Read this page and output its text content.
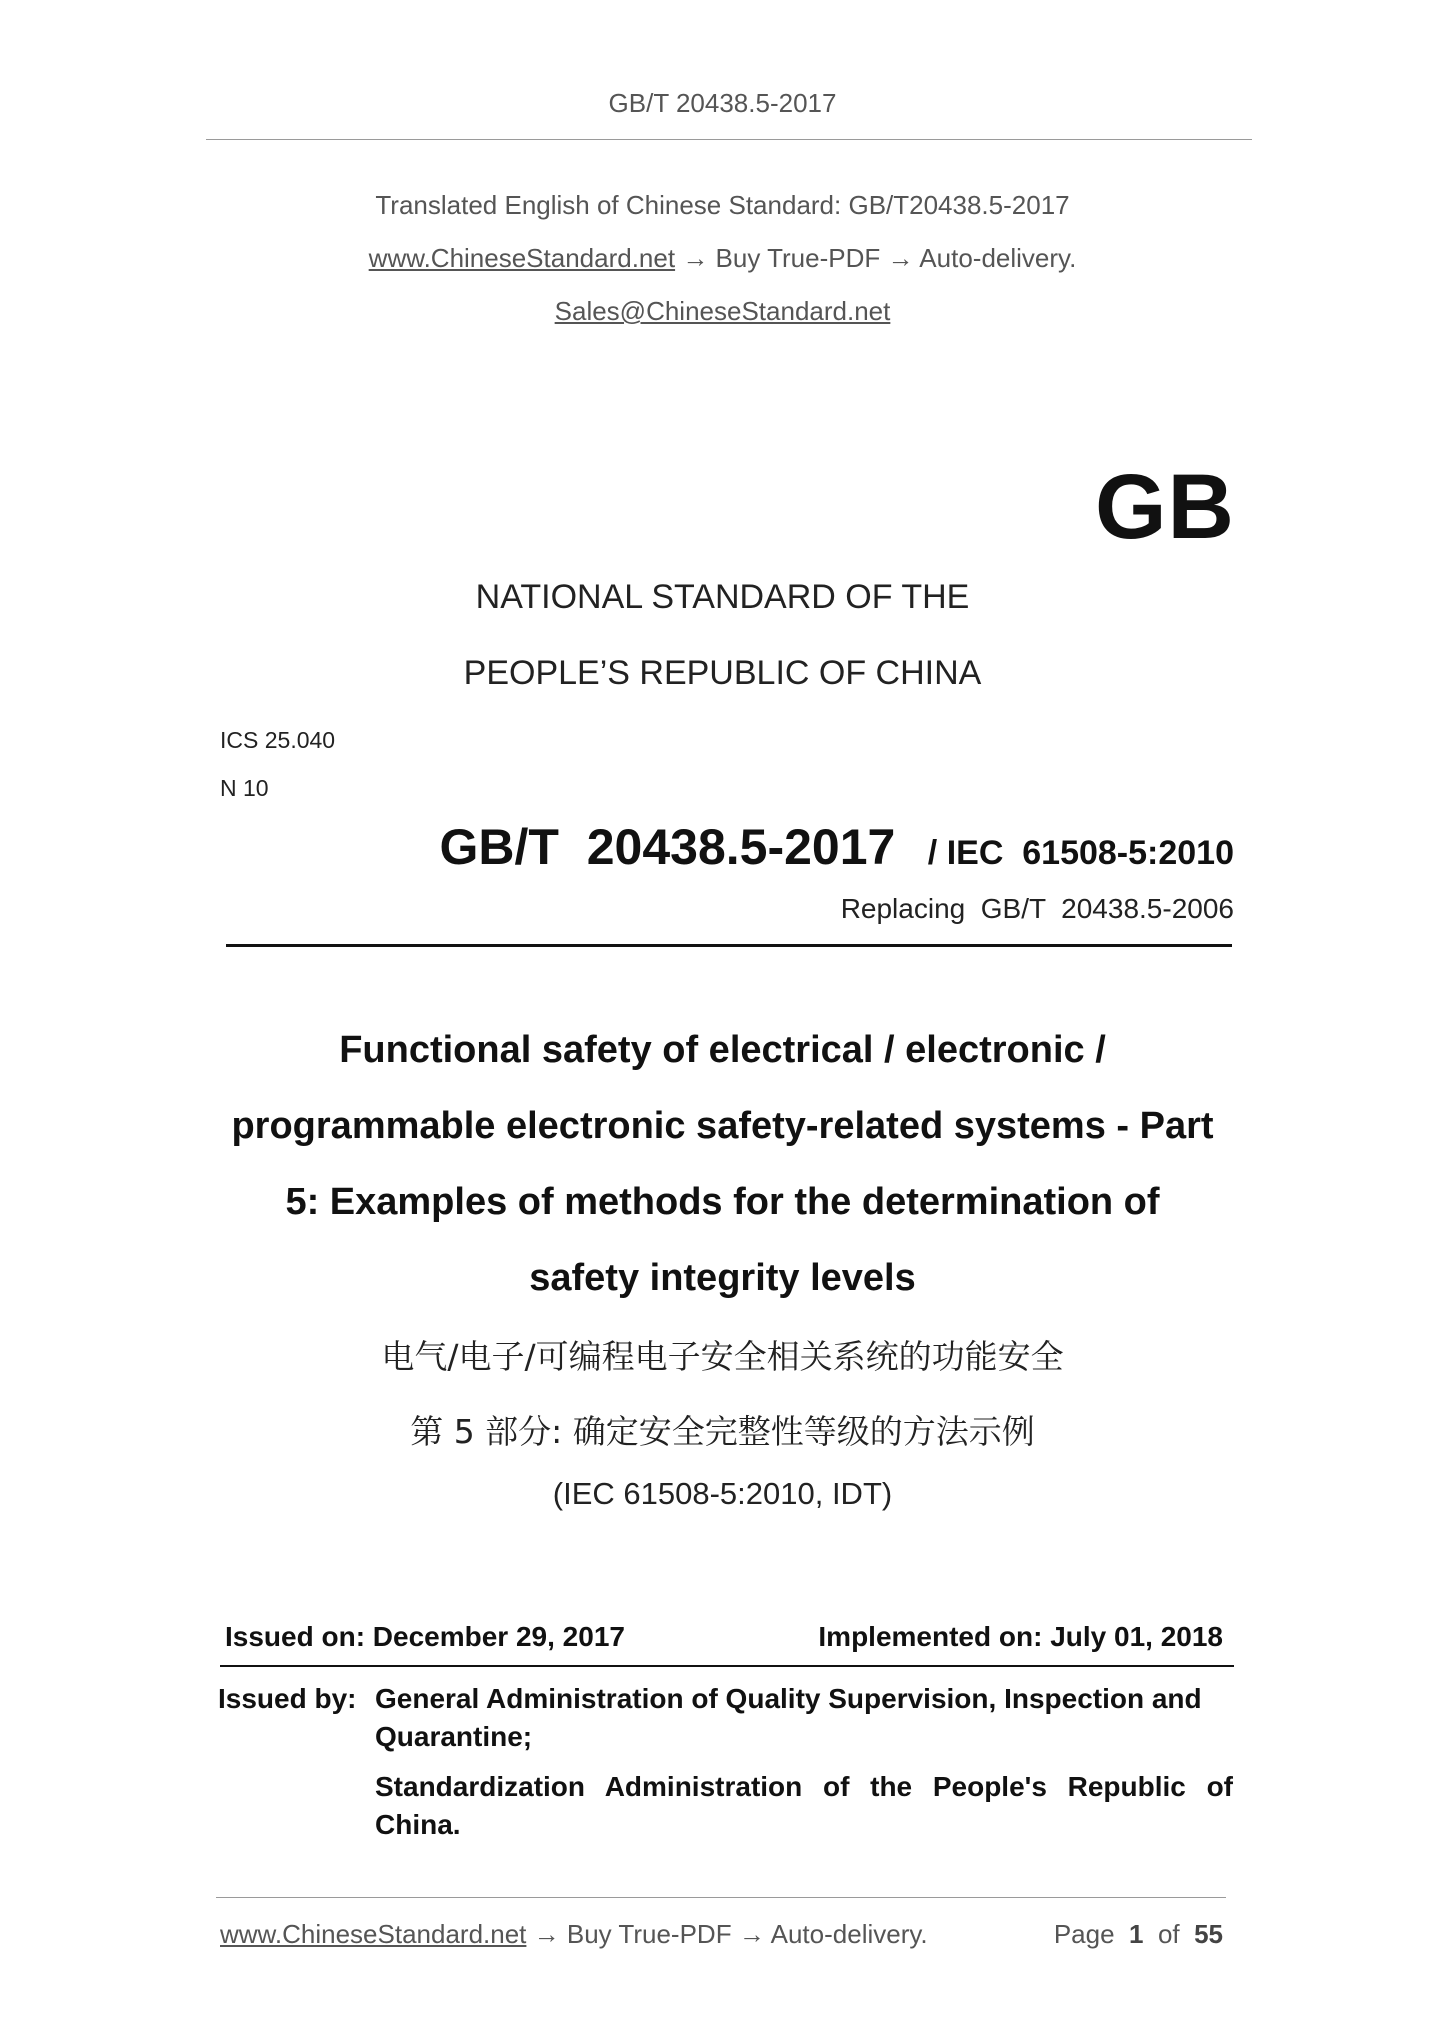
GB/T 20438.5-2017
Translated English of Chinese Standard: GB/T20438.5-2017
www.ChineseStandard.net → Buy True-PDF → Auto-delivery.
Sales@ChineseStandard.net
GB
NATIONAL STANDARD OF THE
PEOPLE’S REPUBLIC OF CHINA
ICS 25.040
N 10
GB/T  20438.5-2017 / IEC  61508-5:2010
Replacing  GB/T  20438.5-2006
Functional safety of electrical / electronic /
programmable electronic safety-related systems - Part
5: Examples of methods for the determination of
safety integrity levels
电气/电子/可编程电子安全相关系统的功能安全
第 5 部分: 确定安全完整性等级的方法示例
(IEC 61508-5:2010, IDT)
Issued on: December 29, 2017	Implemented on: July 01, 2018
Issued by: General Administration of Quality Supervision, Inspection and Quarantine;
Standardization Administration of the People's Republic of China.
www.ChineseStandard.net → Buy True-PDF → Auto-delivery.	Page 1 of 55
